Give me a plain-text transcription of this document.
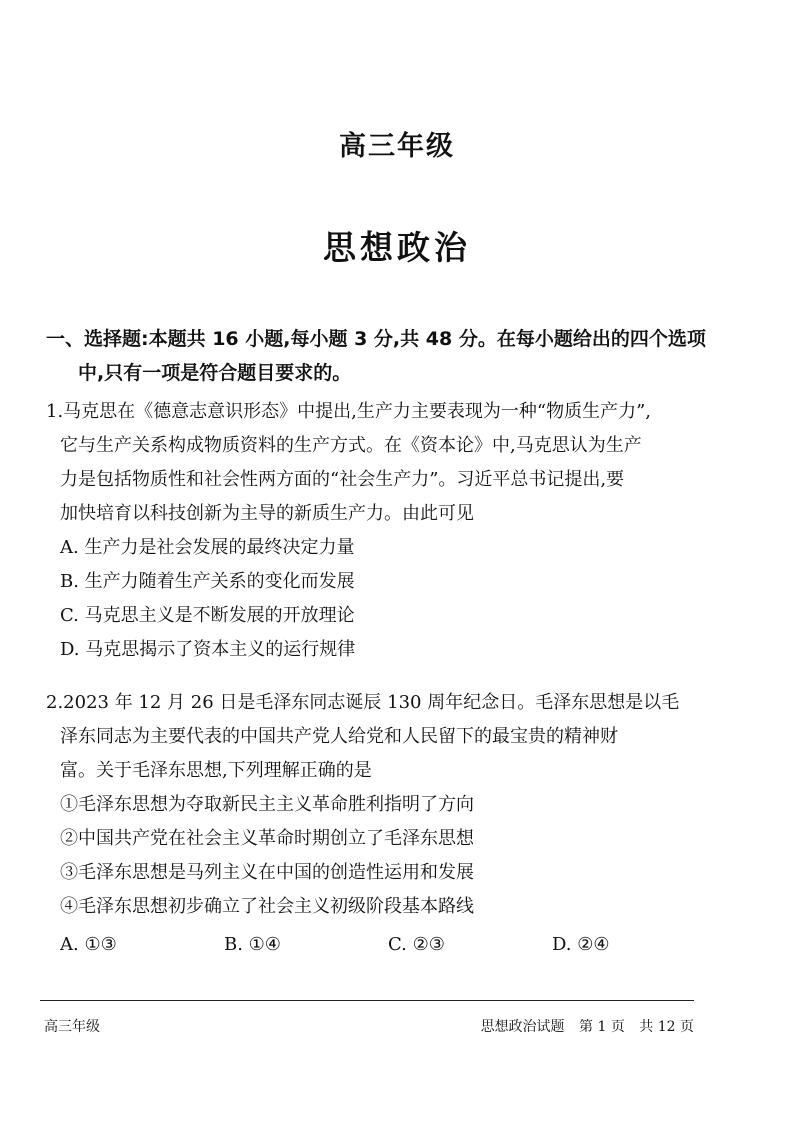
高三年级
思想政治
一、选择题:本题共 16 小题,每小题 3 分,共 48 分。在每小题给出的四个选项
中,只有一项是符合题目要求的。
1.马克思在《德意志意识形态》中提出,生产力主要表现为一种“物质生产力”,
它与生产关系构成物质资料的生产方式。在《资本论》中,马克思认为生产
力是包括物质性和社会性两方面的“社会生产力”。习近平总书记提出,要
加快培育以科技创新为主导的新质生产力。由此可见
A. 生产力是社会发展的最终决定力量
B. 生产力随着生产关系的变化而发展
C. 马克思主义是不断发展的开放理论
D. 马克思揭示了资本主义的运行规律
2.2023 年 12 月 26 日是毛泽东同志诞辰 130 周年纪念日。毛泽东思想是以毛
泽东同志为主要代表的中国共产党人给党和人民留下的最宝贵的精神财
富。关于毛泽东思想,下列理解正确的是
①毛泽东思想为夺取新民主主义革命胜利指明了方向
②中国共产党在社会主义革命时期创立了毛泽东思想
③毛泽东思想是马列主义在中国的创造性运用和发展
④毛泽东思想初步确立了社会主义初级阶段基本路线
A. ①③	B. ①④	C. ②③	D. ②④
高三年级	思想政治试题 第 1 页 共 12 页
